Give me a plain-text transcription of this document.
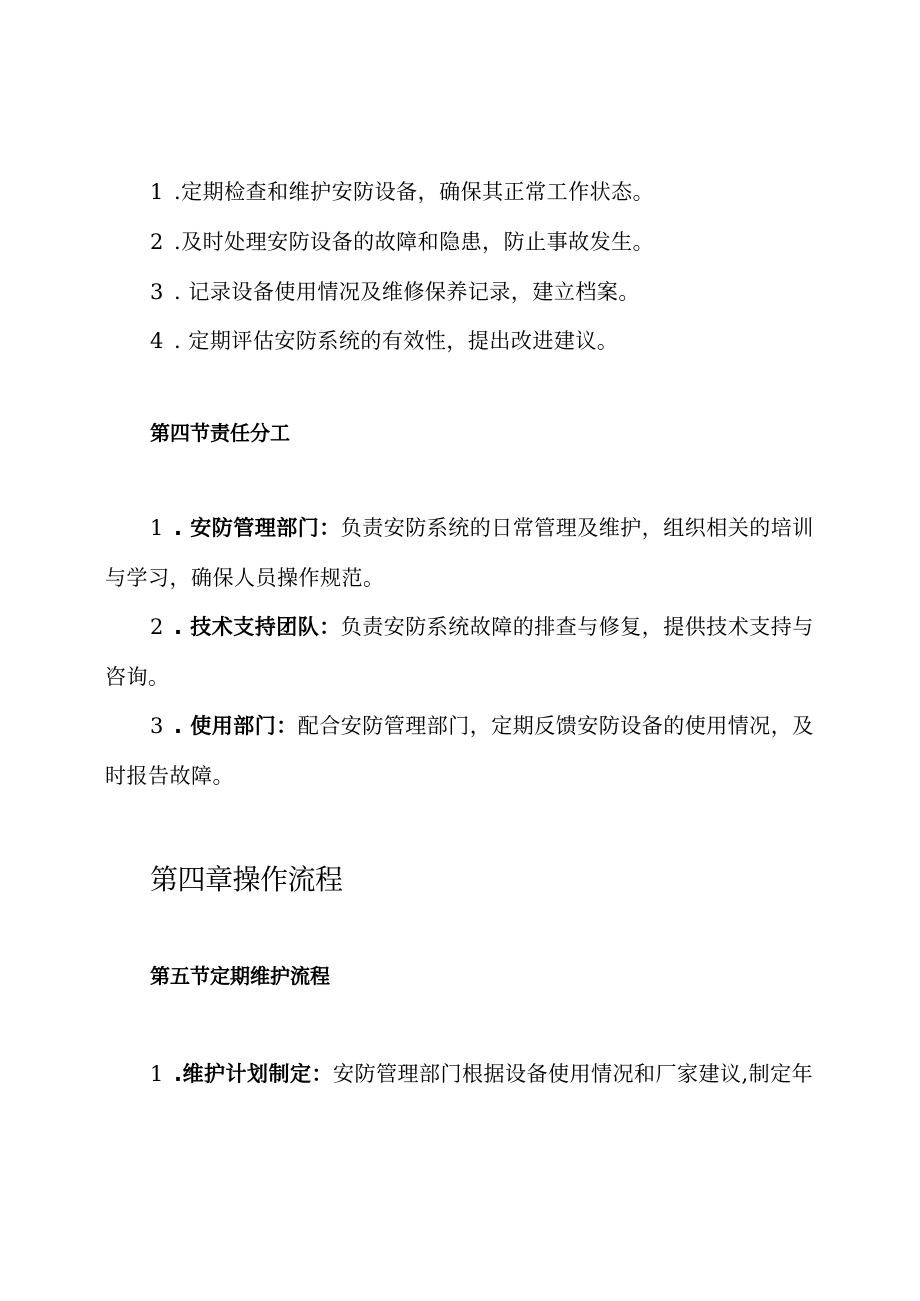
1 .定期检查和维护安防设备，确保其正常工作状态。
2 .及时处理安防设备的故障和隐患，防止事故发生。
3 . 记录设备使用情况及维修保养记录，建立档案。
4 . 定期评估安防系统的有效性，提出改进建议。
第四节责任分工
1 . 安防管理部门：负责安防系统的日常管理及维护，组织相关的培训
与学习，确保人员操作规范。
2 . 技术支持团队：负责安防系统故障的排查与修复，提供技术支持与
咨询。
3 . 使用部门：配合安防管理部门，定期反馈安防设备的使用情况，及
时报告故障。
第四章操作流程
第五节定期维护流程
1 .维护计划制定：安防管理部门根据设备使用情况和厂家建议,制定年
